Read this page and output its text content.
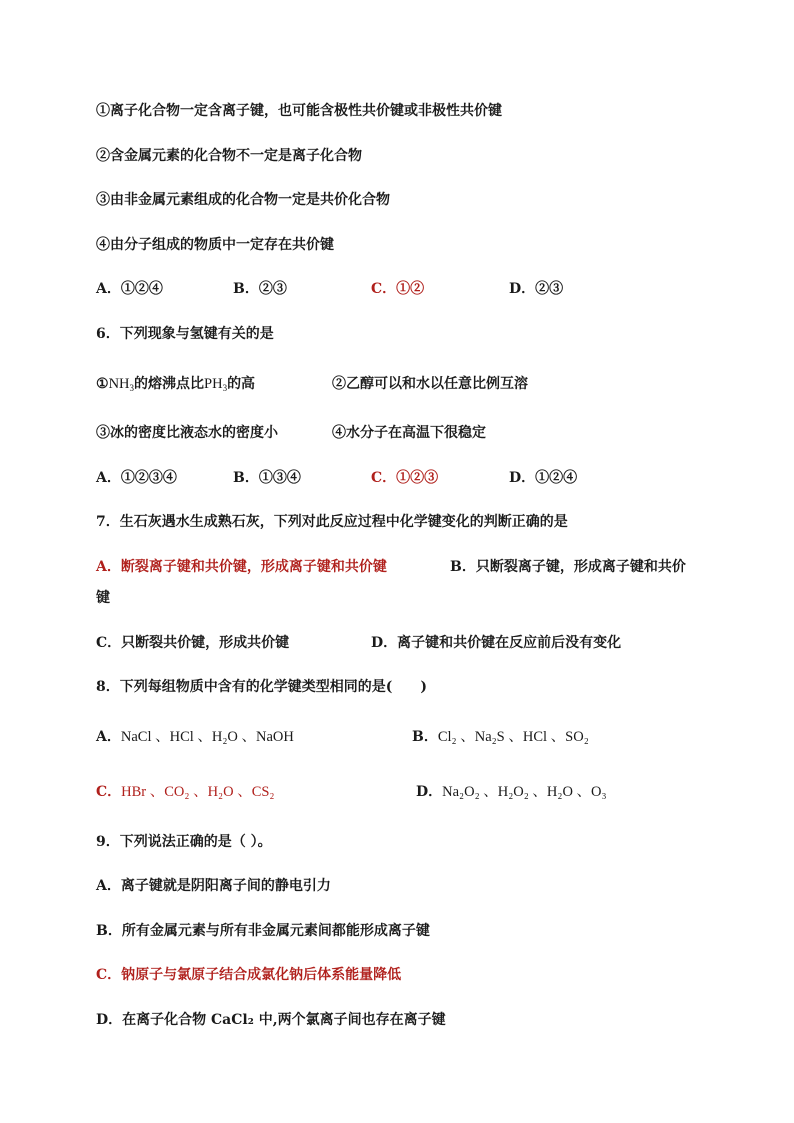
①离子化合物一定含离子键，也可能含极性共价键或非极性共价键
②含金属元素的化合物不一定是离子化合物
③由非金属元素组成的化合物一定是共价化合物
④由分子组成的物质中一定存在共价键
A．①②④	B．②③	C．①②	D．②③
6．下列现象与氢键有关的是
$①NH_3$的熔沸点比$PH_3$的高	②乙醇可以和水以任意比例互溶
③冰的密度比液态水的密度小	④水分子在高温下很稳定
A．①②③④	B．①③④	C．①②③	D．①②④
7．生石灰遇水生成熟石灰，下列对此反应过程中化学键变化的判断正确的是
A．断裂离子键和共价键，形成离子键和共价键	B．只断裂离子键，形成离子键和共价
键
C．只断裂共价键，形成共价键	D．离子键和共价键在反应前后没有变化
8．下列每组物质中含有的化学键类型相同的是(　　)
A．NaCl 、HCl 、H₂O 、NaOH	B．Cl₂ 、Na₂S 、HCl 、SO₂
C．HBr 、CO₂ 、H₂O 、CS₂	D．Na₂O₂ 、H₂O₂ 、H₂O 、O₃
9．下列说法正确的是（ ）。
A．离子键就是阴阳离子间的静电引力
B．所有金属元素与所有非金属元素间都能形成离子键
C．钠原子与氯原子结合成氯化钠后体系能量降低
D．在离子化合物 CaCl₂ 中,两个氯离子间也存在离子键
